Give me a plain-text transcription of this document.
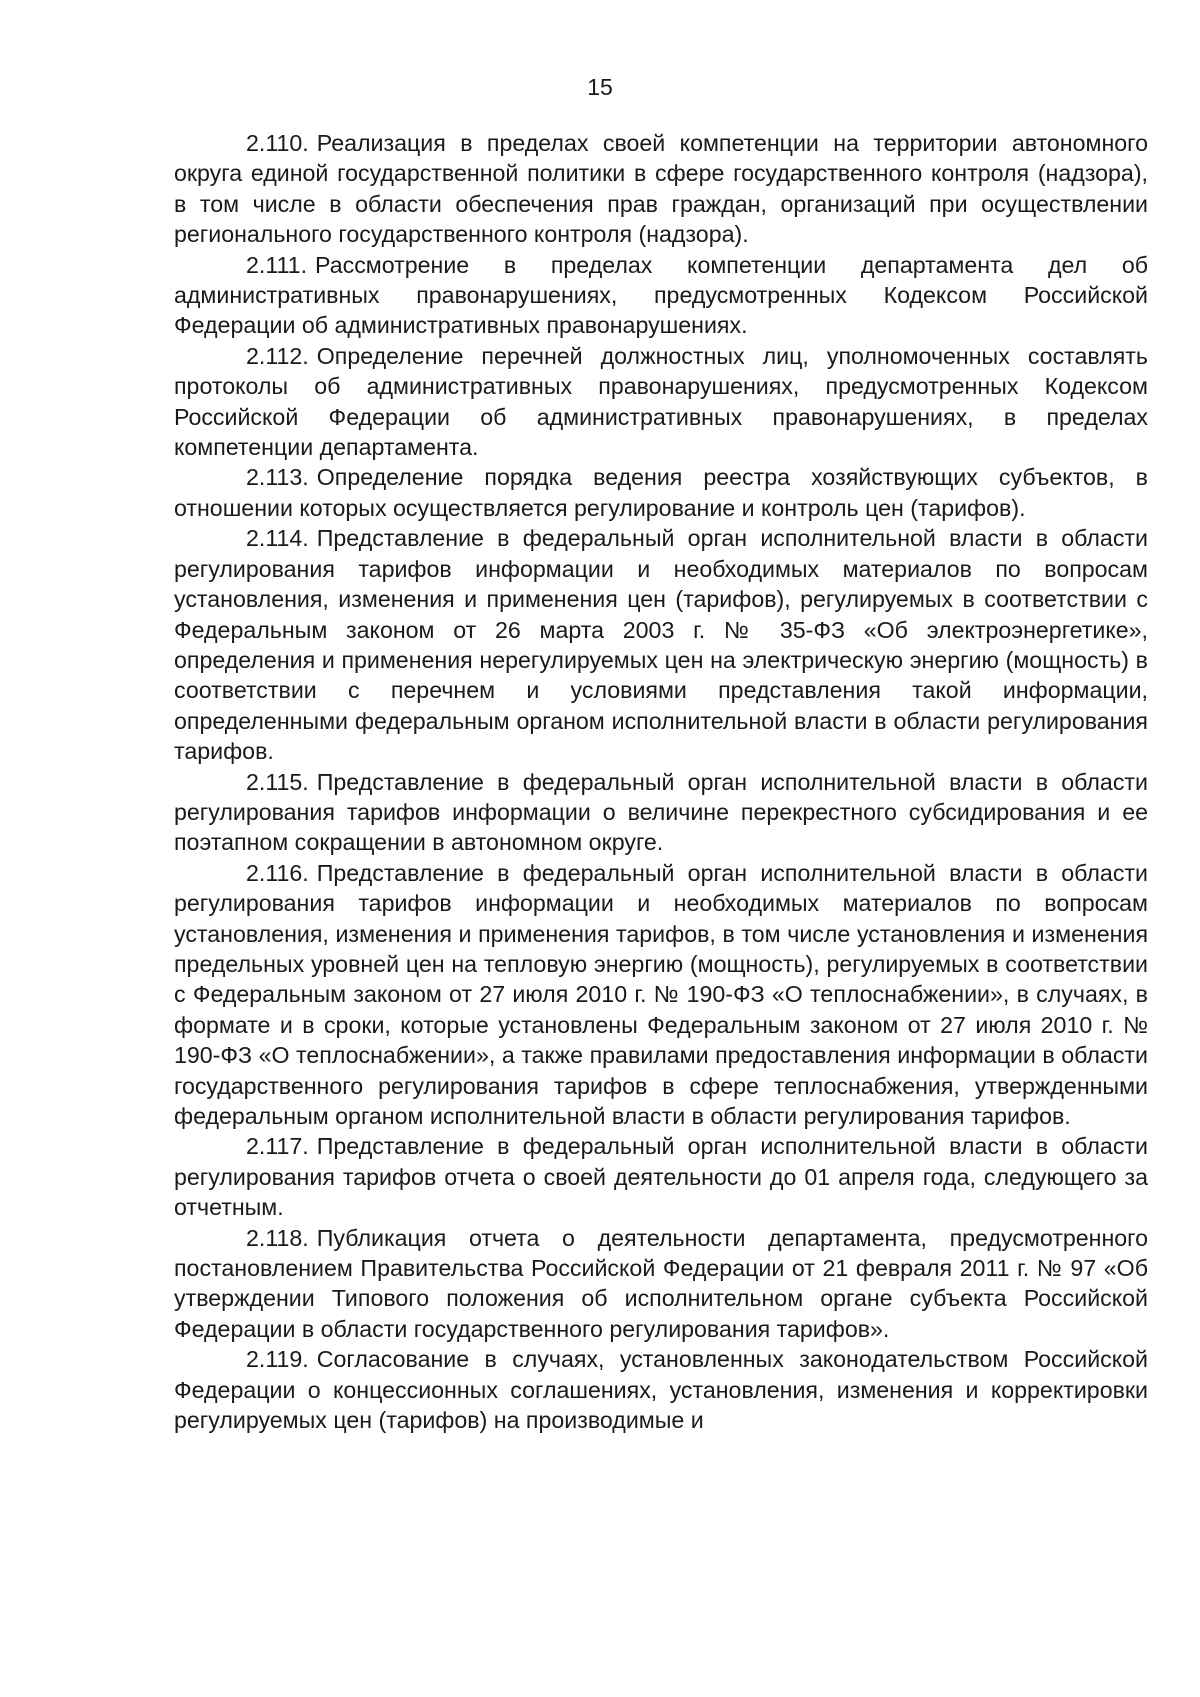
15

2.110. Реализация в пределах своей компетенции на территории автономного округа единой государственной политики в сфере государственного контроля (надзора), в том числе в области обеспечения прав граждан, организаций при осуществлении регионального государственного контроля (надзора).

2.111. Рассмотрение в пределах компетенции департамента дел об административных правонарушениях, предусмотренных Кодексом Российской Федерации об административных правонарушениях.

2.112. Определение перечней должностных лиц, уполномоченных составлять протоколы об административных правонарушениях, предусмотренных Кодексом Российской Федерации об административных правонарушениях, в пределах компетенции департамента.

2.113. Определение порядка ведения реестра хозяйствующих субъектов, в отношении которых осуществляется регулирование и контроль цен (тарифов).

2.114. Представление в федеральный орган исполнительной власти в области регулирования тарифов информации и необходимых материалов по вопросам установления, изменения и применения цен (тарифов), регулируемых в соответствии с Федеральным законом от 26 марта 2003 г. № 35-ФЗ «Об электроэнергетике», определения и применения нерегулируемых цен на электрическую энергию (мощность) в соответствии с перечнем и условиями представления такой информации, определенными федеральным органом исполнительной власти в области регулирования тарифов.

2.115. Представление в федеральный орган исполнительной власти в области регулирования тарифов информации о величине перекрестного субсидирования и ее поэтапном сокращении в автономном округе.

2.116. Представление в федеральный орган исполнительной власти в области регулирования тарифов информации и необходимых материалов по вопросам установления, изменения и применения тарифов, в том числе установления и изменения предельных уровней цен на тепловую энергию (мощность), регулируемых в соответствии с Федеральным законом от 27 июля 2010 г. № 190-ФЗ «О теплоснабжении», в случаях, в формате и в сроки, которые установлены Федеральным законом от 27 июля 2010 г. № 190-ФЗ «О теплоснабжении», а также правилами предоставления информации в области государственного регулирования тарифов в сфере теплоснабжения, утвержденными федеральным органом исполнительной власти в области регулирования тарифов.

2.117. Представление в федеральный орган исполнительной власти в области регулирования тарифов отчета о своей деятельности до 01 апреля года, следующего за отчетным.

2.118. Публикация отчета о деятельности департамента, предусмотренного постановлением Правительства Российской Федерации от 21 февраля 2011 г. № 97 «Об утверждении Типового положения об исполнительном органе субъекта Российской Федерации в области государственного регулирования тарифов».

2.119. Согласование в случаях, установленных законодательством Российской Федерации о концессионных соглашениях, установления, изменения и корректировки регулируемых цен (тарифов) на производимые и
